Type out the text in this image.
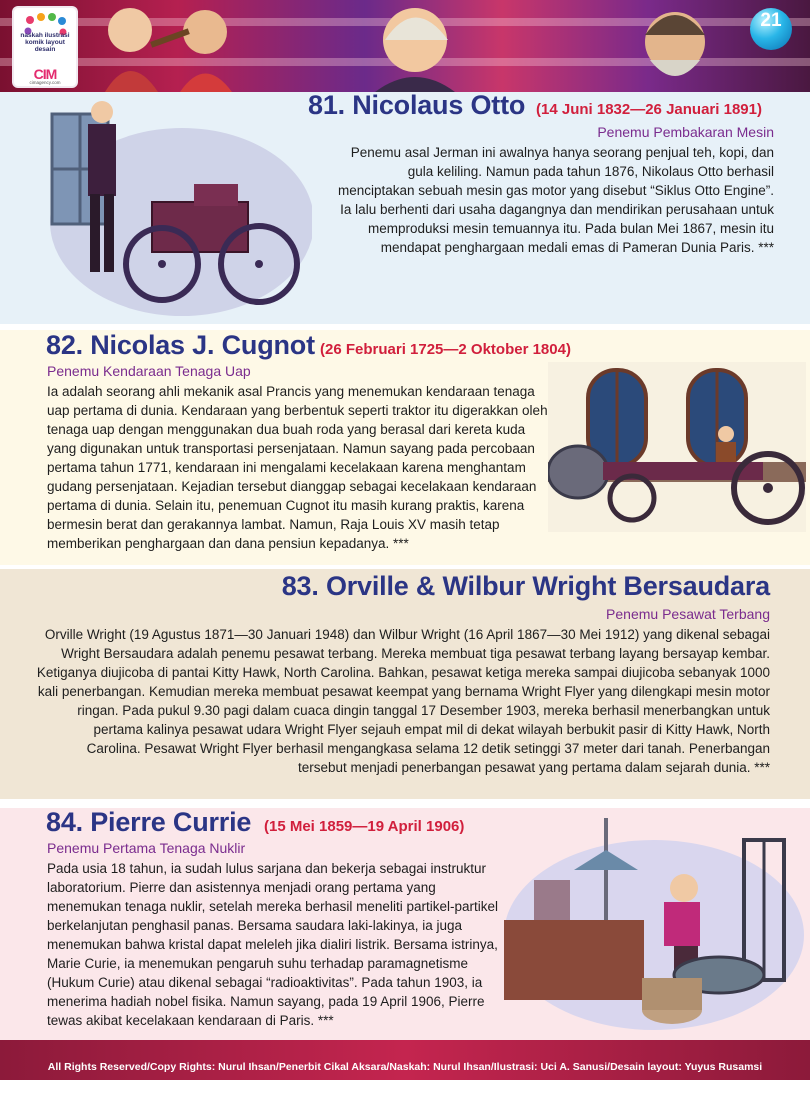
naskah ilustrasi komik layout desain
CIM
cimagency.com
21
81. Nicolaus Otto (14 Juni 1832—26 Januari 1891)
Penemu Pembakaran Mesin
Penemu asal Jerman ini awalnya hanya seorang penjual teh, kopi, dan gula keliling. Namun pada tahun 1876, Nikolaus Otto berhasil menciptakan sebuah mesin gas motor yang disebut “Siklus Otto Engine”. Ia lalu berhenti dari usaha dagangnya dan mendirikan perusahaan untuk memproduksi mesin temuannya itu. Pada bulan Mei 1867, mesin itu mendapat penghargaan medali emas di Pameran Dunia Paris. ***
82. Nicolas J. Cugnot (26 Februari 1725—2 Oktober 1804)
Penemu Kendaraan Tenaga Uap
Ia adalah seorang ahli mekanik asal Prancis yang menemukan kendaraan tenaga uap pertama di dunia. Kendaraan yang berbentuk seperti traktor itu digerakkan oleh tenaga uap dengan menggunakan dua buah roda yang berasal dari kereta kuda yang digunakan untuk transportasi persenjataan. Namun sayang pada percobaan pertama tahun 1771, kendaraan ini mengalami kecelakaan karena menghantam gudang persenjataan. Kejadian tersebut dianggap sebagai kecelakaan kendaraan pertama di dunia. Selain itu, penemuan Cugnot itu masih kurang praktis, karena bermesin berat dan gerakannya lambat. Namun, Raja Louis XV masih tetap memberikan penghargaan dan dana pensiun kepadanya. ***
83. Orville & Wilbur Wright Bersaudara
Penemu Pesawat Terbang
Orville Wright (19 Agustus 1871—30 Januari 1948) dan Wilbur Wright (16 April 1867—30 Mei 1912) yang dikenal sebagai Wright Bersaudara adalah penemu pesawat terbang. Mereka membuat tiga pesawat terbang layang bersayap kembar. Ketiganya diujicoba di pantai Kitty Hawk, North Carolina. Bahkan, pesawat ketiga mereka sampai diujicoba sebanyak 1000 kali penerbangan. Kemudian mereka membuat pesawat keempat yang bernama Wright Flyer yang dilengkapi mesin motor ringan. Pada pukul 9.30 pagi dalam cuaca dingin tanggal 17 Desember 1903, mereka berhasil menerbangkan untuk pertama kalinya pesawat udara Wright Flyer sejauh empat mil di dekat wilayah berbukit pasir di Kitty Hawk, North Carolina. Pesawat Wright Flyer berhasil mengangkasa selama 12 detik setinggi 37 meter dari tanah. Penerbangan tersebut menjadi penerbangan pesawat yang pertama dalam sejarah dunia. ***
84. Pierre Currie (15 Mei 1859—19 April 1906)
Penemu Pertama Tenaga Nuklir
Pada usia 18 tahun, ia sudah lulus sarjana dan bekerja sebagai instruktur laboratorium. Pierre dan asistennya menjadi orang pertama yang menemukan tenaga nuklir, setelah mereka berhasil meneliti partikel-partikel berkelanjutan penghasil panas. Bersama saudara laki-lakinya, ia juga menemukan bahwa kristal dapat meleleh jika dialiri listrik. Bersama istrinya, Marie Curie, ia menemukan pengaruh suhu terhadap paramagnetisme (Hukum Curie) atau dikenal sebagai “radioaktivitas”. Pada tahun 1903, ia menerima hadiah nobel fisika. Namun sayang, pada 19 April 1906, Pierre tewas akibat kecelakaan kendaraan di Paris. ***
All Rights Reserved/Copy Rights: Nurul Ihsan/Penerbit Cikal Aksara/Naskah: Nurul Ihsan/Ilustrasi: Uci A. Sanusi/Desain layout: Yuyus Rusamsi
